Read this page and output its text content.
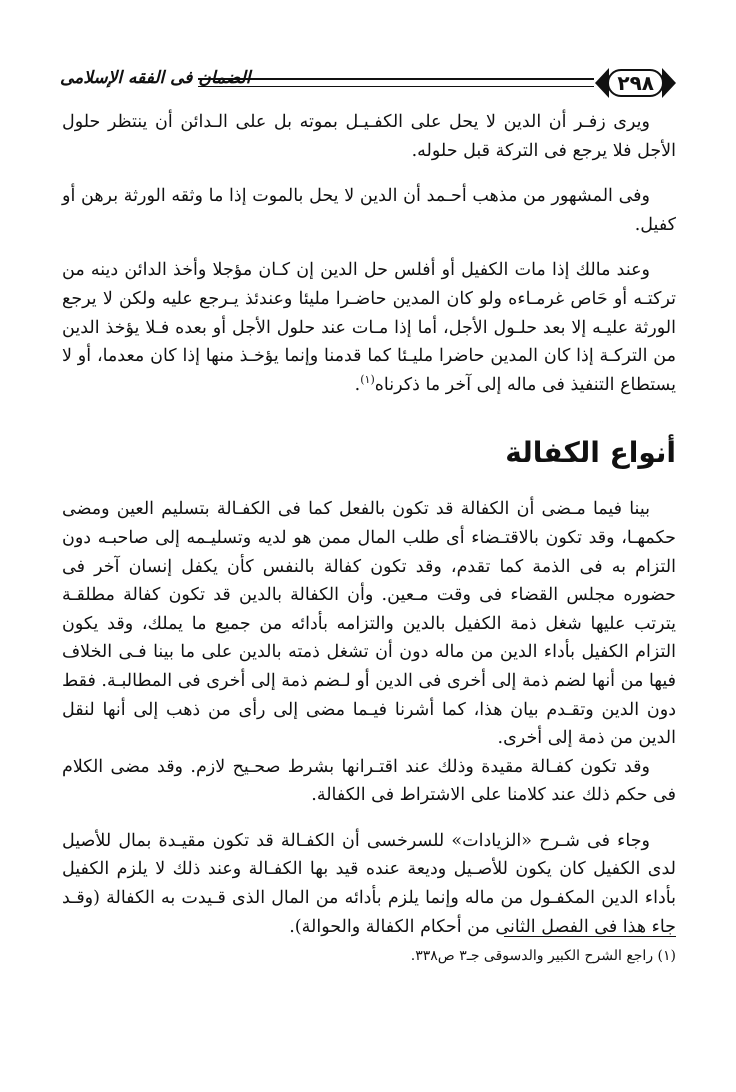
٢٩٨
الضمان فى الفقه الإسلامى

ويرى زفـر أن الدين لا يحل على الكفـيـل بموته بل على الـدائن أن ينتظر حلول الأجل فلا يرجع فى التركة قبل حلوله.

وفى المشهور من مذهب أحـمد أن الدين لا يحل بالموت إذا ما وثقه الورثة برهن أو كفيل.

وعند مالك إذا مات الكفيل أو أفلس حل الدين إن كـان مؤجلا وأخذ الدائن دينه من تركتـه أو حَاص غرمـاءه ولو كان المدين حاضـرا مليئا وعندئذ يـرجع عليه ولكن لا يرجع الورثة عليـه إلا بعد حلـول الأجل، أما إذا مـات عند حلول الأجل أو بعده فـلا يؤخذ الدين من التركـة إذا كان المدين حاضرا مليـئا كما قدمنا وإنما يؤخـذ منها إذا كان معدما، أو لا يستطاع التنفيذ فى ماله إلى آخر ما ذكرناه$^{(١)}$.

أنواع الكفالة

بينا فيما مـضى أن الكفالة قد تكون بالفعل كما فى الكفـالة بتسليم العين ومضى حكمهـا، وقد تكون بالاقتـضاء أى طلب المال ممن هو لديه وتسليـمه إلى صاحبـه دون التزام به فى الذمة كما تقدم، وقد تكون كفالة بالنفس كأن يكفل إنسان آخر فى حضوره مجلس القضاء فى وقت مـعين. وأن الكفالة بالدين قد تكون كفالة مطلقـة يترتب عليها شغل ذمة الكفيل بالدين والتزامه بأدائه من جميع ما يملك، وقد يكون التزام الكفيل بأداء الدين من ماله دون أن تشغل ذمته بالدين على ما بينا فـى الخلاف فيها من أنها لضم ذمة إلى أخرى فى الدين أو لـضم ذمة إلى أخرى فى المطالبـة. فقط دون الدين وتقـدم بيان هذا، كما أشرنا فيـما مضى إلى رأى من ذهب إلى أنها لنقل الدين من ذمة إلى أخرى.

وقد تكون كفـالة مقيدة وذلك عند اقتـرانها بشرط صحـيح لازم. وقد مضى الكلام فى حكم ذلك عند كلامنا على الاشتراط فى الكفالة.

وجاء فى شـرح «الزيادات» للسرخسى أن الكفـالة قد تكون مقيـدة بمال للأصيل لدى الكفيل كان يكون للأصـيل وديعة عنده قيد بها الكفـالة وعند ذلك لا يلزم الكفيل بأداء الدين المكفـول من ماله وإنما يلزم بأدائه من المال الذى قـيدت به الكفالة (وقـد جاء هذا فى الفصل الثانى من أحكام الكفالة والحوالة).

(١) راجع الشرح الكبير والدسوقى جـ٣ ص٣٣٨.
